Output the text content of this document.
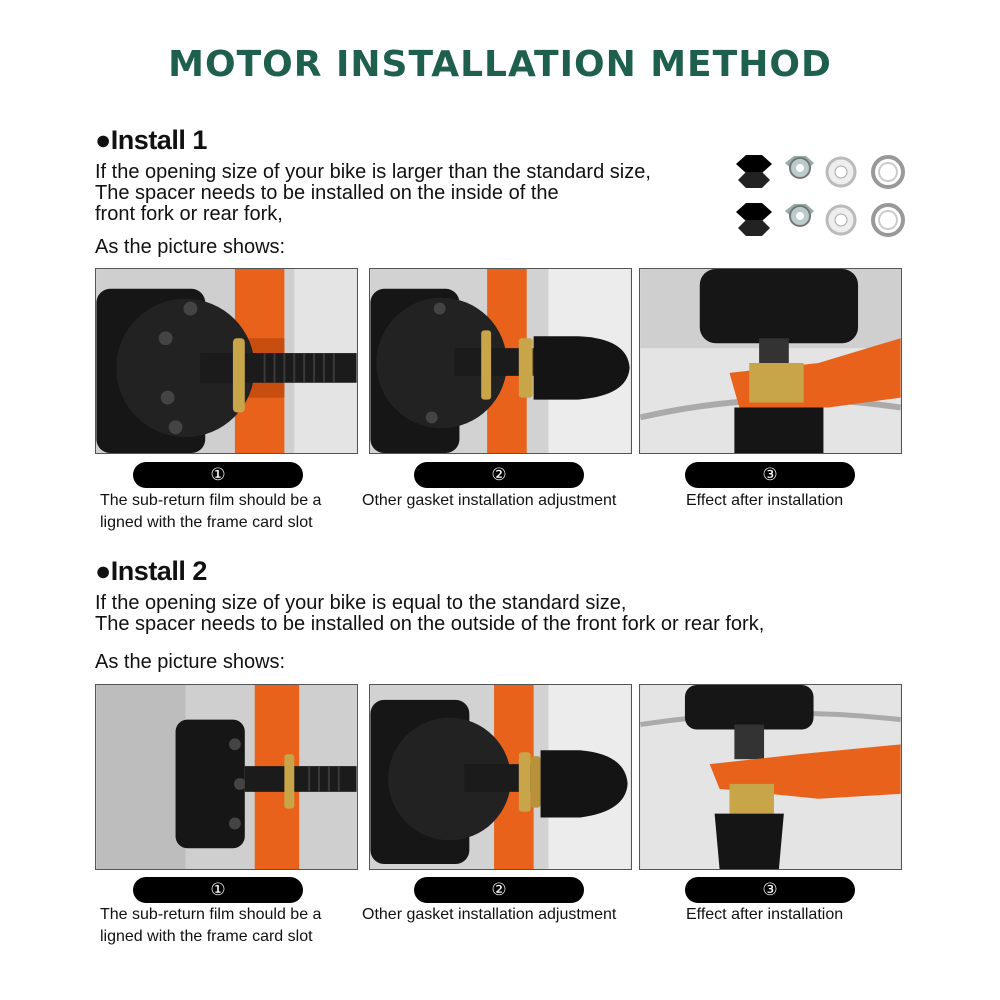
MOTOR INSTALLATION METHOD
●Install 1
If the opening size of your bike is larger than the standard size,
The spacer needs to be installed on the inside of the
front fork or rear fork,
As the picture shows:
①	②	③
The sub-return film should be a
ligned with the frame card slot
Other gasket installation adjustment	Effect after installation
●Install 2
If the opening size of your bike is equal to the standard size,
The spacer needs to be installed on the outside of the front fork or rear fork,
As the picture shows:
①	②	③
The sub-return film should be a
ligned with the frame card slot
Other gasket installation adjustment	Effect after installation
